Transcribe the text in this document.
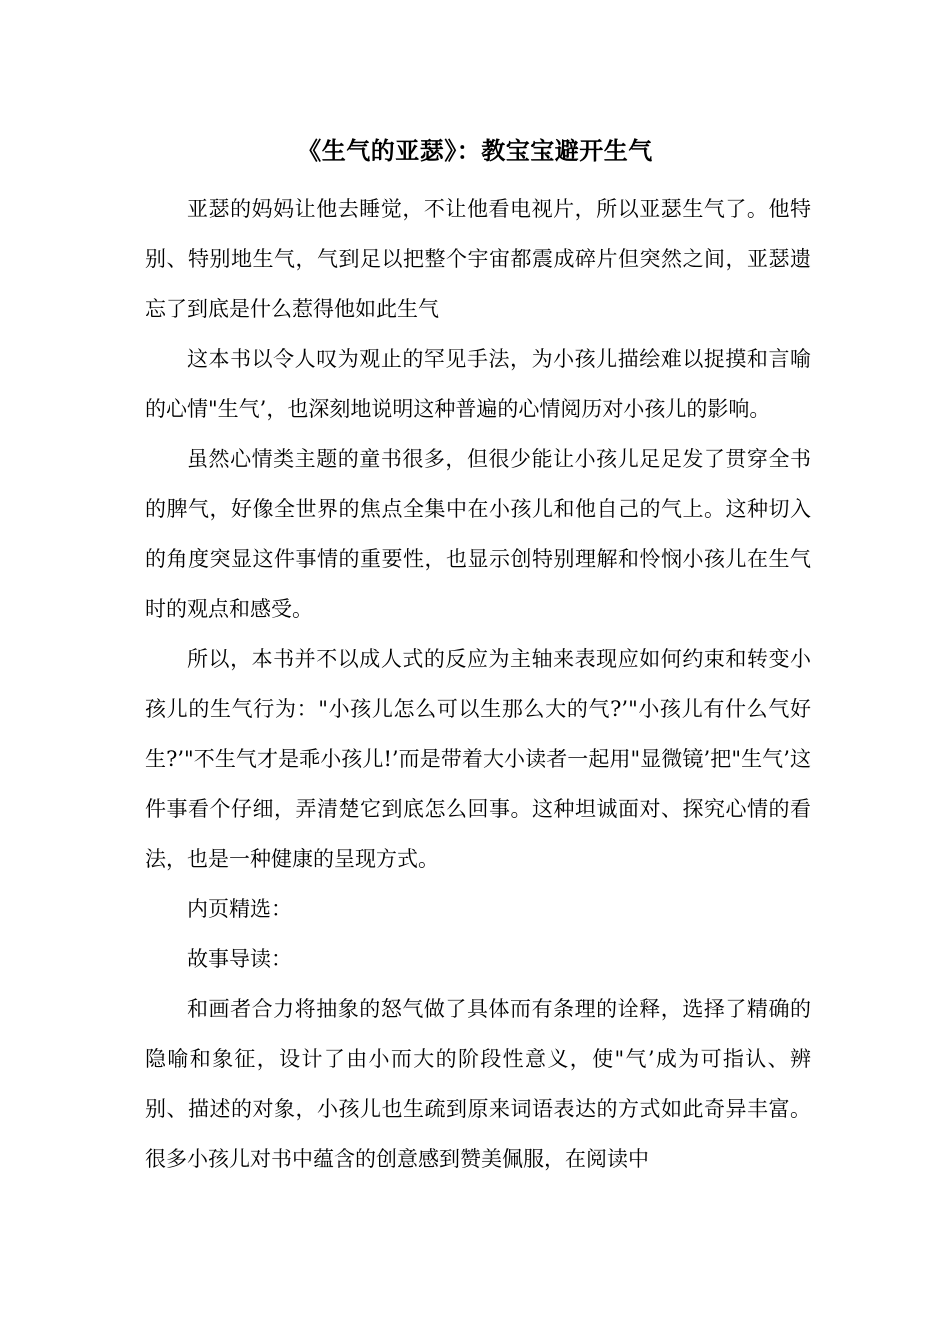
《生气的亚瑟》：教宝宝避开生气

亚瑟的妈妈让他去睡觉，不让他看电视片，所以亚瑟生气了。他特别、特别地生气，气到足以把整个宇宙都震成碎片但突然之间，亚瑟遗忘了到底是什么惹得他如此生气

这本书以令人叹为观止的罕见手法，为小孩儿描绘难以捉摸和言喻的心情"生气’，也深刻地说明这种普遍的心情阅历对小孩儿的影响。

虽然心情类主题的童书很多，但很少能让小孩儿足足发了贯穿全书的脾气，好像全世界的焦点全集中在小孩儿和他自己的气上。这种切入的角度突显这件事情的重要性，也显示创特别理解和怜悯小孩儿在生气时的观点和感受。

所以，本书并不以成人式的反应为主轴来表现应如何约束和转变小孩儿的生气行为："小孩儿怎么可以生那么大的气?’"小孩儿有什么气好生?’"不生气才是乖小孩儿!’而是带着大小读者一起用"显微镜’把"生气’这件事看个仔细，弄清楚它到底怎么回事。这种坦诚面对、探究心情的看法，也是一种健康的呈现方式。

内页精选：

故事导读：

和画者合力将抽象的怒气做了具体而有条理的诠释，选择了精确的隐喻和象征，设计了由小而大的阶段性意义，使"气’成为可指认、辨别、描述的对象，小孩儿也生疏到原来词语表达的方式如此奇异丰富。很多小孩儿对书中蕴含的创意感到赞美佩服，在阅读中
